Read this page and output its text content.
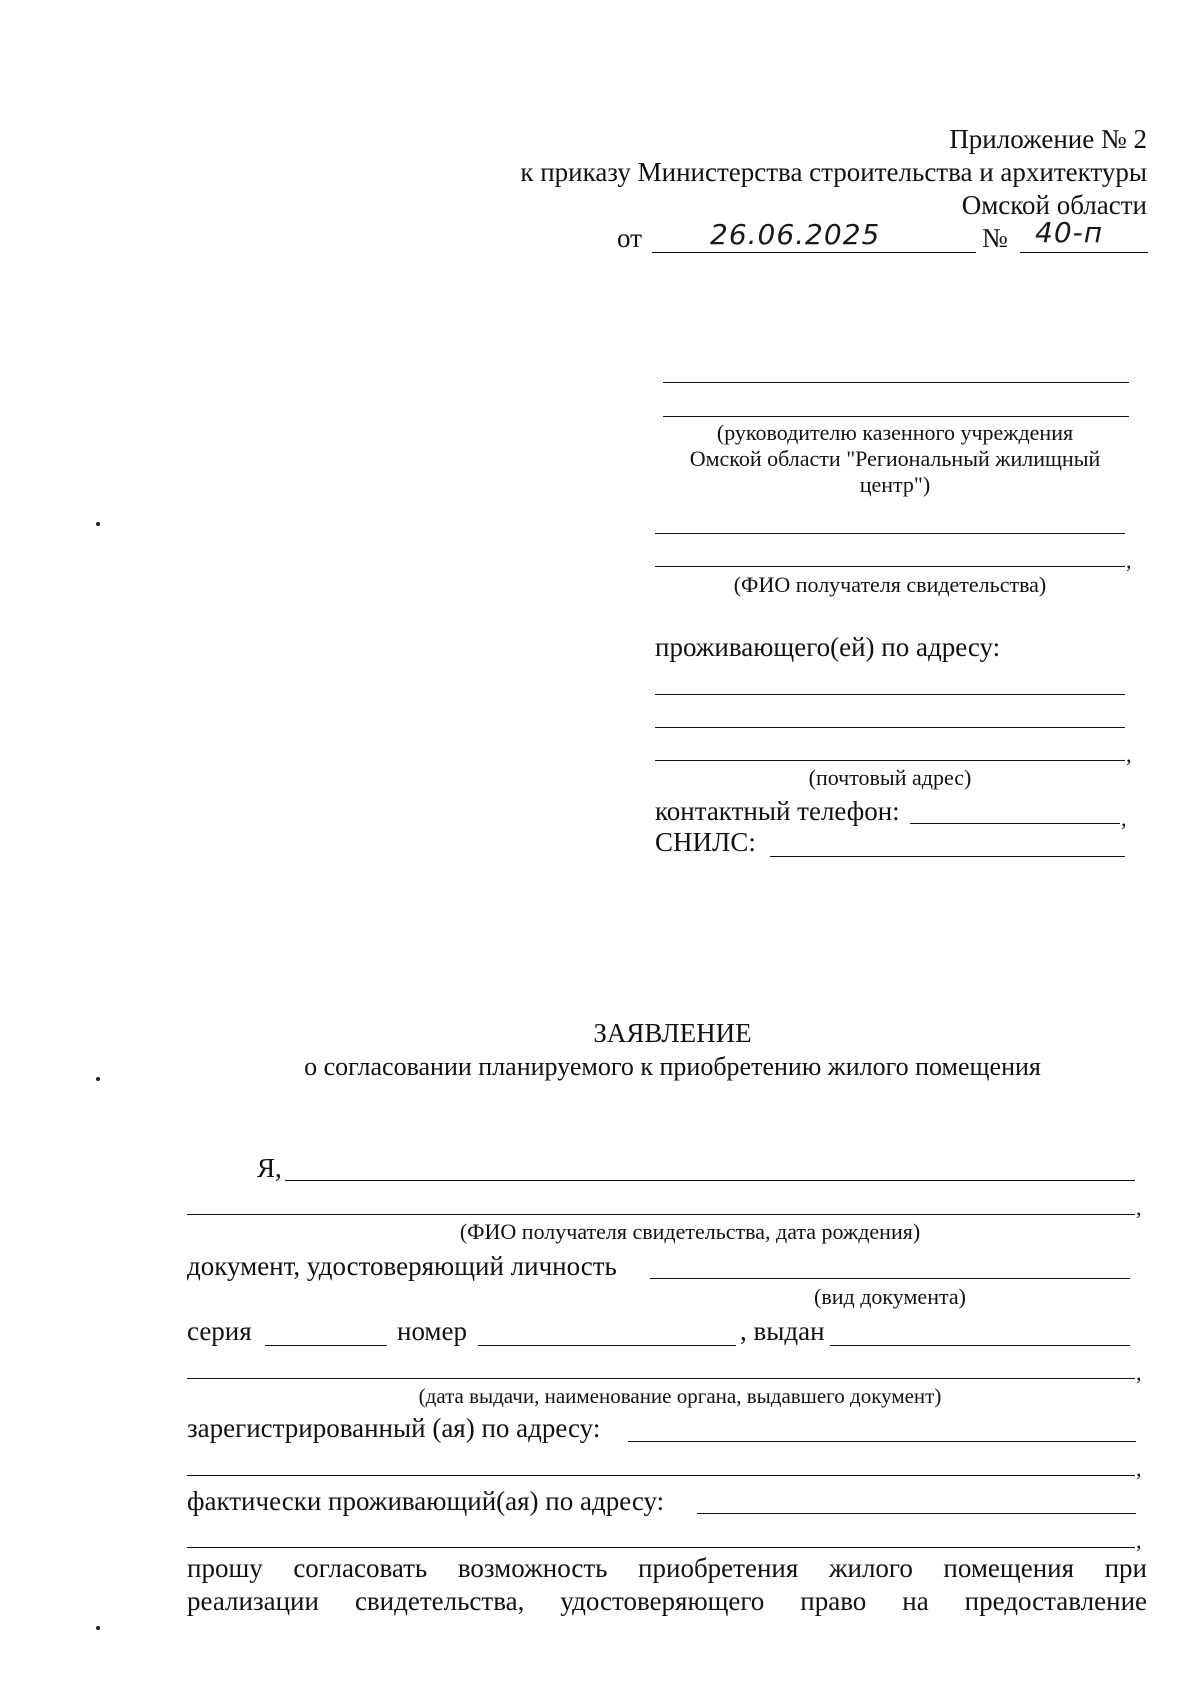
Приложение № 2
к приказу Министерства строительства и архитектуры
Омской области
от 26.06.2025	№ 40-п
(руководителю казенного учреждения
Омской области "Региональный жилищный
центр")
,
(ФИО получателя свидетельства)
проживающего(ей) по адресу:
,
(почтовый адрес)
контактный телефон:	,
СНИЛС:
ЗАЯВЛЕНИЕ
о согласовании планируемого к приобретению жилого помещения
Я,
,
(ФИО получателя свидетельства, дата рождения)
документ, удостоверяющий личность
(вид документа)
серия	номер	, выдан
,
(дата выдачи, наименование органа, выдавшего документ)
зарегистрированный (ая) по адресу:
,
фактически проживающий(ая) по адресу:
,
прошу согласовать возможность приобретения жилого помещения при
реализации свидетельства, удостоверяющего право на предоставление
